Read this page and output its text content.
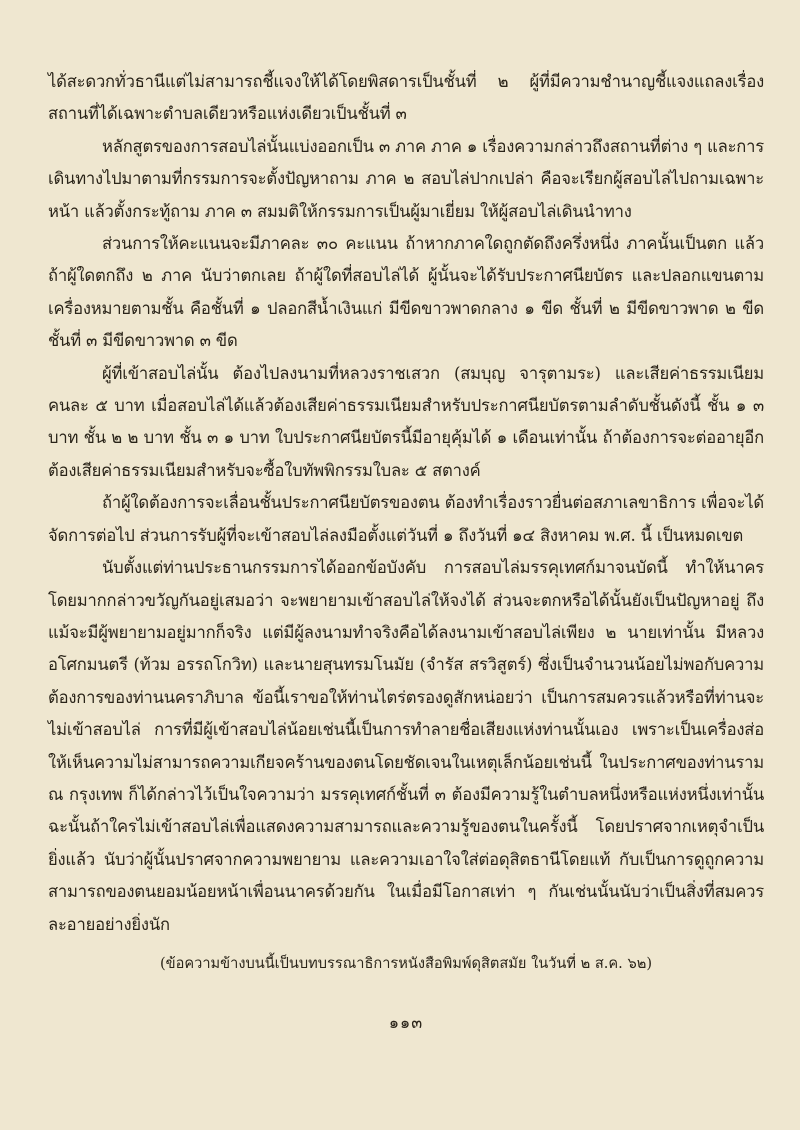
ได้สะดวกทั่วธานีแต่ไม่สามารถชี้แจงให้ได้โดยพิสดารเป็นชั้นที่ ๒ ผู้ที่มีความชำนาญชี้แจงแถลงเรื่องสถานที่ได้เฉพาะตำบลเดียวหรือแห่งเดียวเป็นชั้นที่ ๓

หลักสูตรของการสอบไล่นั้นแบ่งออกเป็น ๓ ภาค ภาค ๑ เรื่องความกล่าวถึงสถานที่ต่าง ๆ และการเดินทางไปมาตามที่กรรมการจะตั้งปัญหาถาม ภาค ๒ สอบไล่ปากเปล่า คือจะเรียกผู้สอบไล่ไปถามเฉพาะหน้า แล้วตั้งกระทู้ถาม ภาค ๓ สมมติให้กรรมการเป็นผู้มาเยี่ยม ให้ผู้สอบไล่เดินนำทาง

ส่วนการให้คะแนนจะมีภาคละ ๓๐ คะแนน ถ้าหากภาคใดถูกตัดถึงครึ่งหนึ่ง ภาคนั้นเป็นตก แล้วถ้าผู้ใดตกถึง ๒ ภาค นับว่าตกเลย ถ้าผู้ใดที่สอบไล่ได้ ผู้นั้นจะได้รับประกาศนียบัตร และปลอกแขนตามเครื่องหมายตามชั้น คือชั้นที่ ๑ ปลอกสีน้ำเงินแก่ มีขีดขาวพาดกลาง ๑ ขีด ชั้นที่ ๒ มีขีดขาวพาด ๒ ขีด ชั้นที่ ๓ มีขีดขาวพาด ๓ ขีด

ผู้ที่เข้าสอบไล่นั้น ต้องไปลงนามที่หลวงราชเสวก (สมบุญ จารุตามระ) และเสียค่าธรรมเนียมคนละ ๕ บาท เมื่อสอบไล่ได้แล้วต้องเสียค่าธรรมเนียมสำหรับประกาศนียบัตรตามลำดับชั้นดังนี้ ชั้น ๑ ๓ บาท ชั้น ๒ ๒ บาท ชั้น ๓ ๑ บาท ใบประกาศนียบัตรนี้มีอายุคุ้มได้ ๑ เดือนเท่านั้น ถ้าต้องการจะต่ออายุอีก ต้องเสียค่าธรรมเนียมสำหรับจะซื้อใบทัพพิกรรมใบละ ๕ สตางค์

ถ้าผู้ใดต้องการจะเลื่อนชั้นประกาศนียบัตรของตน ต้องทำเรื่องราวยื่นต่อสภาเลขาธิการ เพื่อจะได้จัดการต่อไป ส่วนการรับผู้ที่จะเข้าสอบไล่ลงมือตั้งแต่วันที่ ๑ ถึงวันที่ ๑๔ สิงหาคม พ.ศ. นี้ เป็นหมดเขต

นับตั้งแต่ท่านประธานกรรมการได้ออกข้อบังคับ การสอบไล่มรรคุเทศก์มาจนบัดนี้ ทำให้นาครโดยมากกล่าวขวัญกันอยู่เสมอว่า จะพยายามเข้าสอบไล่ให้จงได้ ส่วนจะตกหรือได้นั้นยังเป็นปัญหาอยู่ ถึงแม้จะมีผู้พยายามอยู่มากก็จริง แต่มีผู้ลงนามทำจริงคือได้ลงนามเข้าสอบไล่เพียง ๒ นายเท่านั้น มีหลวงอโศกมนตรี (ท้วม อรรถโกวิท) และนายสุนทรมโนมัย (จำรัส สรวิสูตร์) ซึ่งเป็นจำนวนน้อยไม่พอกับความต้องการของท่านนคราภิบาล ข้อนี้เราขอให้ท่านไตร่ตรองดูสักหน่อยว่า เป็นการสมควรแล้วหรือที่ท่านจะไม่เข้าสอบไล่ การที่มีผู้เข้าสอบไล่น้อยเช่นนี้เป็นการทำลายชื่อเสียงแห่งท่านนั้นเอง เพราะเป็นเครื่องส่อให้เห็นความไม่สามารถความเกียจคร้านของตนโดยชัดเจนในเหตุเล็กน้อยเช่นนี้ ในประกาศของท่านราม ณ กรุงเทพ ก็ได้กล่าวไว้เป็นใจความว่า มรรคุเทศก์ชั้นที่ ๓ ต้องมีความรู้ในตำบลหนึ่งหรือแห่งหนึ่งเท่านั้น ฉะนั้นถ้าใครไม่เข้าสอบไล่เพื่อแสดงความสามารถและความรู้ของตนในครั้งนี้ โดยปราศจากเหตุจำเป็นยิ่งแล้ว นับว่าผู้นั้นปราศจากความพยายาม และความเอาใจใส่ต่อดุสิตธานีโดยแท้ กับเป็นการดูถูกความสามารถของตนยอมน้อยหน้าเพื่อนนาครด้วยกัน ในเมื่อมีโอกาสเท่า ๆ กันเช่นนั้นนับว่าเป็นสิ่งที่สมควรละอายอย่างยิ่งนัก

(ข้อความข้างบนนี้เป็นบทบรรณาธิการหนังสือพิมพ์ดุสิตสมัย ในวันที่ ๒ ส.ค. ๖๒)

๑๑๓
